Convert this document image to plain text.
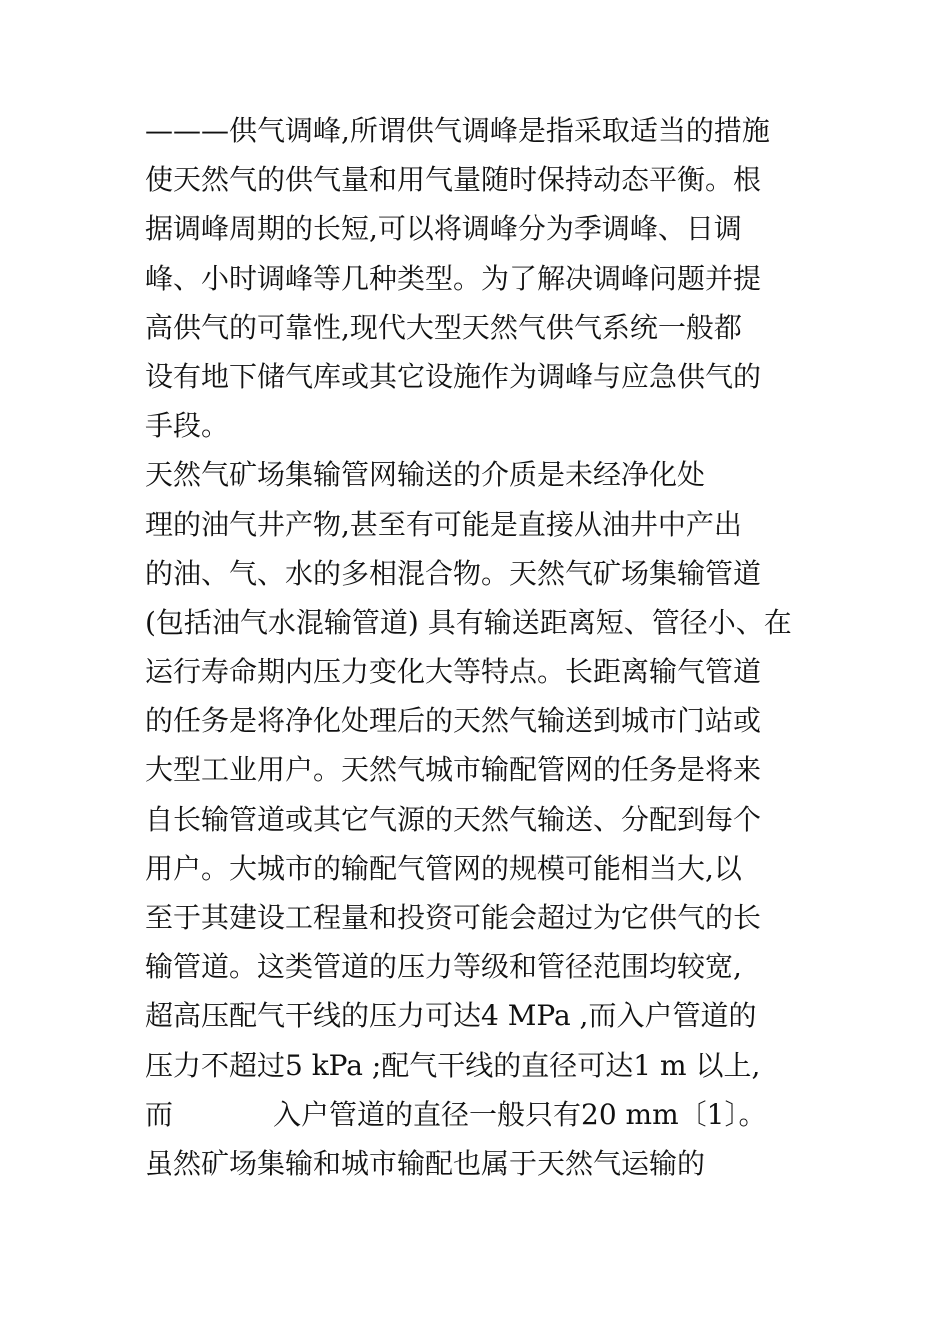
———供气调峰,所谓供气调峰是指采取适当的措施
使天然气的供气量和用气量随时保持动态平衡。根
据调峰周期的长短,可以将调峰分为季调峰、日调
峰、小时调峰等几种类型。为了解决调峰问题并提
高供气的可靠性,现代大型天然气供气系统一般都
设有地下储气库或其它设施作为调峰与应急供气的
手段。
天然气矿场集输管网输送的介质是未经净化处
理的油气井产物,甚至有可能是直接从油井中产出
的油、气、水的多相混合物。天然气矿场集输管道
(包括油气水混输管道) 具有输送距离短、管径小、在
运行寿命期内压力变化大等特点。长距离输气管道
的任务是将净化处理后的天然气输送到城市门站或
大型工业用户。天然气城市输配管网的任务是将来
自长输管道或其它气源的天然气输送、分配到每个
用户。大城市的输配气管网的规模可能相当大,以
至于其建设工程量和投资可能会超过为它供气的长
输管道。这类管道的压力等级和管径范围均较宽,
超高压配气干线的压力可达4 MPa ,而入户管道的
压力不超过5 kPa ;配气干线的直径可达1 m 以上,
而	入户管道的直径一般只有20 mm〔1〕。
虽然矿场集输和城市输配也属于天然气运输的
